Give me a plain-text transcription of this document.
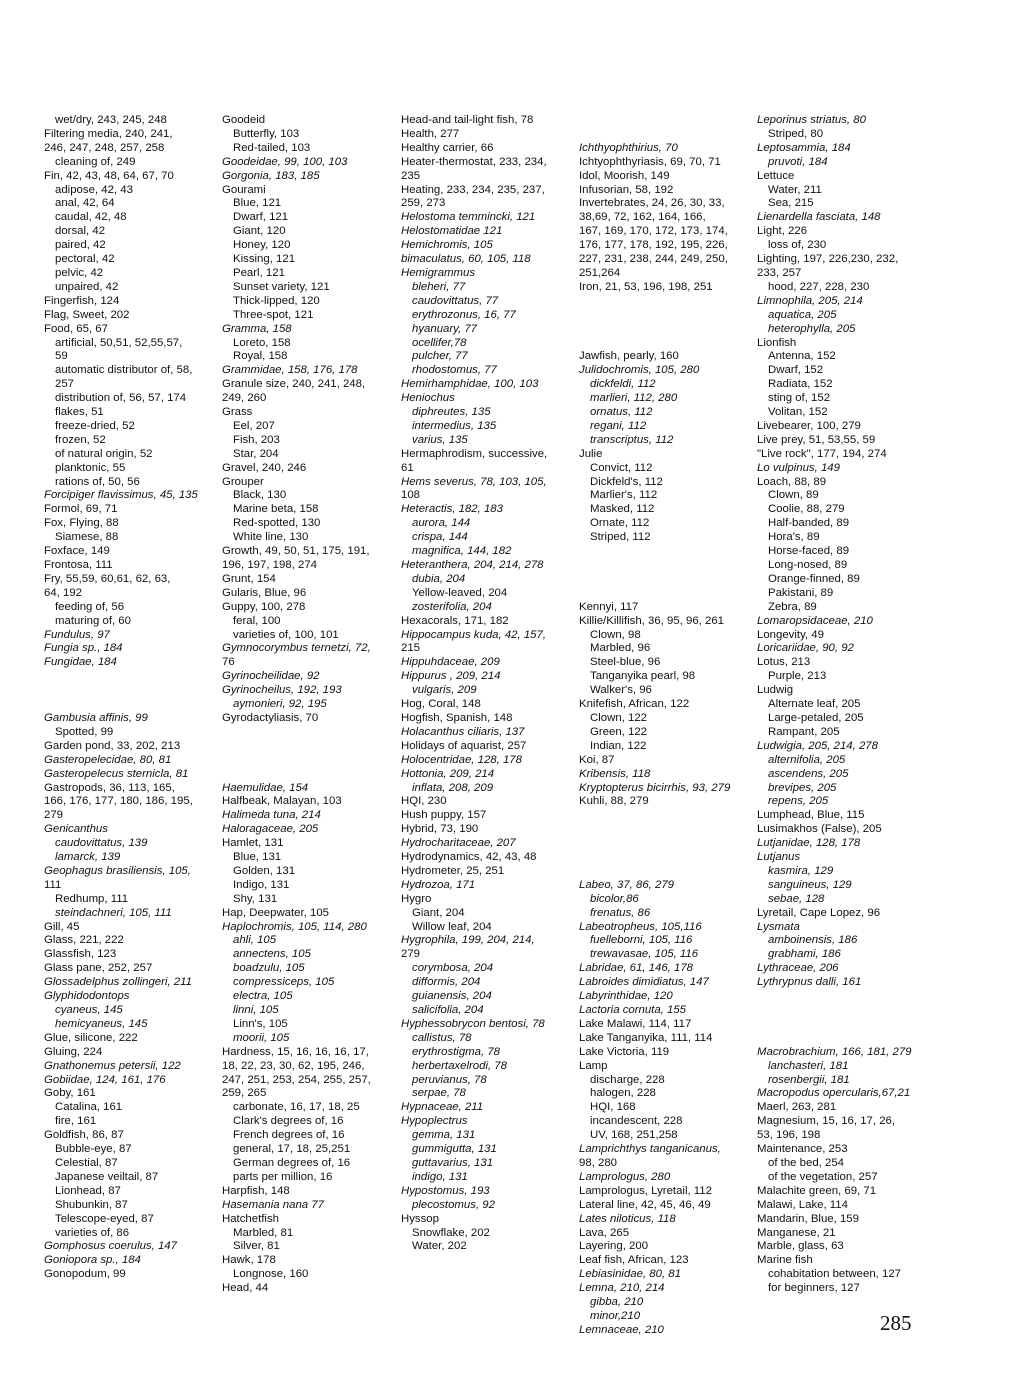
wet/dry, 243, 245, 248
Filtering media, 240, 241,
246, 247, 248, 257, 258
cleaning of, 249
Fin, 42, 43, 48, 64, 67, 70
adipose, 42, 43
anal, 42, 64
caudal, 42, 48
dorsal, 42
paired, 42
pectoral, 42
pelvic, 42
unpaired, 42
Fingerfish, 124
Flag, Sweet, 202
Food, 65, 67
artificial, 50,51, 52,55,57,
59
automatic distributor of, 58,
257
distribution of, 56, 57, 174
flakes, 51
freeze-dried, 52
frozen, 52
of natural origin, 52
planktonic, 55
rations of, 50, 56
Forcipiger flavissimus, 45, 135
Formol, 69, 71
Fox, Flying, 88
Siamese, 88
Foxface, 149
Frontosa, 111
Fry, 55,59, 60,61, 62, 63,
64, 192
feeding of, 56
maturing of, 60
Fundulus, 97
Fungia sp., 184
Fungidae, 184
Gambusia affinis, 99
Spotted, 99
Garden pond, 33, 202, 213
Gasteropelecidae, 80, 81
Gasteropelecus sternicla, 81
Gastropods, 36, 113, 165,
166, 176, 177, 180, 186, 195,
279
Genicanthus
caudovittatus, 139
lamarck, 139
Geophagus brasiliensis, 105,
111
Redhump, 111
steindachneri, 105, 111
Gill, 45
Glass, 221, 222
Glassfish, 123
Glass pane, 252, 257
Glossadelphus zollingeri, 211
Glyphidodontops
cyaneus, 145
hemicyaneus, 145
Glue, silicone, 222
Gluing, 224
Gnathonemus petersii, 122
Gobiidae, 124, 161, 176
Goby, 161
Catalina, 161
fire, 161
Goldfish, 86, 87
Bubble-eye, 87
Celestial, 87
Japanese veiltail, 87
Lionhead, 87
Shubunkin, 87
Telescope-eyed, 87
varieties of, 86
Gomphosus coerulus, 147
Goniopora sp., 184
Gonopodum, 99
Goodeid
Butterfly, 103
Red-tailed, 103
Goodeidae, 99, 100, 103
Gorgonia, 183, 185
Gourami
Blue, 121
Dwarf, 121
Giant, 120
Honey, 120
Kissing, 121
Pearl, 121
Sunset variety, 121
Thick-lipped, 120
Three-spot, 121
Gramma, 158
Loreto, 158
Royal, 158
Grammidae, 158, 176, 178
Granule size, 240, 241, 248,
249, 260
Grass
Eel, 207
Fish, 203
Star, 204
Gravel, 240, 246
Grouper
Black, 130
Marine beta, 158
Red-spotted, 130
White line, 130
Growth, 49, 50, 51, 175, 191,
196, 197, 198, 274
Grunt, 154
Gularis, Blue, 96
Guppy, 100, 278
feral, 100
varieties of, 100, 101
Gymnocorymbus ternetzi, 72,
76
Gyrinocheilidae, 92
Gyrinocheilus, 192, 193
aymonieri, 92, 195
Gyrodactyliasis, 70
Haemulidae, 154
Halfbeak, Malayan, 103
Halimeda tuna, 214
Haloragaceae, 205
Hamlet, 131
Blue, 131
Golden, 131
Indigo, 131
Shy, 131
Hap, Deepwater, 105
Haplochromis, 105, 114, 280
ahli, 105
annectens, 105
boadzulu, 105
compressiceps, 105
electra, 105
linni, 105
Linn's, 105
moorii, 105
Hardness, 15, 16, 16, 16, 17,
18, 22, 23, 30, 62, 195, 246,
247, 251, 253, 254, 255, 257,
259, 265
carbonate, 16, 17, 18, 25
Clark's degrees of, 16
French degrees of, 16
general, 17, 18, 25,251
German degrees of, 16
parts per million, 16
Harpfish, 148
Hasemania nana 77
Hatchetfish
Marbled, 81
Silver, 81
Hawk, 178
Longnose, 160
Head, 44
Head-and tail-light fish, 78
Health, 277
Healthy carrier, 66
Heater-thermostat, 233, 234,
235
Heating, 233, 234, 235, 237,
259, 273
Helostoma temmincki, 121
Helostomatidae 121
Hemichromis, 105
bimaculatus, 60, 105, 118
Hemigrammus
bleheri, 77
caudovittatus, 77
erythrozonus, 16, 77
hyanuary, 77
ocellifer,78
pulcher, 77
rhodostomus, 77
Hemirhamphidae, 100, 103
Heniochus
diphreutes, 135
intermedius, 135
varius, 135
Hermaphrodism, successive,
61
Hems severus, 78, 103, 105,
108
Heteractis, 182, 183
aurora, 144
crispa, 144
magnifica, 144, 182
Heteranthera, 204, 214, 278
dubia, 204
Yellow-leaved, 204
zosterifolia, 204
Hexacorals, 171, 182
Hippocampus kuda, 42, 157,
215
Hippuhdaceae, 209
Hippurus , 209, 214
vulgaris, 209
Hog, Coral, 148
Hogfish, Spanish, 148
Holacanthus ciliaris, 137
Holidays of aquarist, 257
Holocentridae, 128, 178
Hottonia, 209, 214
inflata, 208, 209
HQI, 230
Hush puppy, 157
Hybrid, 73, 190
Hydrocharitaceae, 207
Hydrodynamics, 42, 43, 48
Hydrometer, 25, 251
Hydrozoa, 171
Hygro
Giant, 204
Willow leaf, 204
Hygrophila, 199, 204, 214,
279
corymbosa, 204
difformis, 204
guianensis, 204
salicifolia, 204
Hyphessobrycon bentosi, 78
callistus, 78
erythrostigma, 78
herbertaxelrodi, 78
peruvianus, 78
serpae, 78
Hypnaceae, 211
Hypoplectrus
gemma, 131
gummigutta, 131
guttavarius, 131
indigo, 131
Hypostomus, 193
plecostomus, 92
Hyssop
Snowflake, 202
Water, 202
Ichthyophthirius, 70
Ichtyophthyriasis, 69, 70, 71
Idol, Moorish, 149
Infusorian, 58, 192
Invertebrates, 24, 26, 30, 33,
38,69, 72, 162, 164, 166,
167, 169, 170, 172, 173, 174,
176, 177, 178, 192, 195, 226,
227, 231, 238, 244, 249, 250,
251,264
Iron, 21, 53, 196, 198, 251
Jawfish, pearly, 160
Julidochromis, 105, 280
dickfeldi, 112
marlieri, 112, 280
ornatus, 112
regani, 112
transcriptus, 112
Julie
Convict, 112
Dickfeld's, 112
Marlier's, 112
Masked, 112
Ornate, 112
Striped, 112
Kennyi, 117
Killie/Killifish, 36, 95, 96, 261
Clown, 98
Marbled, 96
Steel-blue, 96
Tanganyika pearl, 98
Walker's, 96
Knifefish, African, 122
Clown, 122
Green, 122
Indian, 122
Koi, 87
Kribensis, 118
Kryptopterus bicirrhis, 93, 279
Kuhli, 88, 279
Labeo, 37, 86, 279
bicolor,86
frenatus, 86
Labeotropheus, 105,116
fuelleborni, 105, 116
trewavasae, 105, 116
Labridae, 61, 146, 178
Labroides dimidiatus, 147
Labyrinthidae, 120
Lactoria cornuta, 155
Lake Malawi, 114, 117
Lake Tanganyika, 111, 114
Lake Victoria, 119
Lamp
discharge, 228
halogen, 228
HQI, 168
incandescent, 228
UV, 168, 251,258
Lamprichthys tanganicanus,
98, 280
Lamprologus, 280
Lamprologus, Lyretail, 112
Lateral line, 42, 45, 46, 49
Lates niloticus, 118
Lava, 265
Layering, 200
Leaf fish, African, 123
Lebiasinidae, 80, 81
Lemna, 210, 214
gibba, 210
minor,210
Lemnaceae, 210
Leporinus striatus, 80
Striped, 80
Leptosammia, 184
pruvoti, 184
Lettuce
Water, 211
Sea, 215
Lienardella fasciata, 148
Light, 226
loss of, 230
Lighting, 197, 226,230, 232,
233, 257
hood, 227, 228, 230
Limnophila, 205, 214
aquatica, 205
heterophylla, 205
Lionfish
Antenna, 152
Dwarf, 152
Radiata, 152
sting of, 152
Volitan, 152
Livebearer, 100, 279
Live prey, 51, 53,55, 59
"Live rock", 177, 194, 274
Lo vulpinus, 149
Loach, 88, 89
Clown, 89
Coolie, 88, 279
Half-banded, 89
Hora's, 89
Horse-faced, 89
Long-nosed, 89
Orange-finned, 89
Pakistani, 89
Zebra, 89
Lomaropsidaceae, 210
Longevity, 49
Loricariidae, 90, 92
Lotus, 213
Purple, 213
Ludwig
Alternate leaf, 205
Large-petaled, 205
Rampant, 205
Ludwigia, 205, 214, 278
alternifolia, 205
ascendens, 205
brevipes, 205
repens, 205
Lumphead, Blue, 115
Lusimakhos (False), 205
Lutjanidae, 128, 178
Lutjanus
kasmira, 129
sanguineus, 129
sebae, 128
Lyretail, Cape Lopez, 96
Lysmata
amboinensis, 186
grabhami, 186
Lythraceae, 206
Lythrypnus dalli, 161
Macrobrachium, 166, 181, 279
lanchasteri, 181
rosenbergii, 181
Macropodus opercularis,67,21
Maerl, 263, 281
Magnesium, 15, 16, 17, 26,
53, 196, 198
Maintenance, 253
of the bed, 254
of the vegetation, 257
Malachite green, 69, 71
Malawi, Lake, 114
Mandarin, Blue, 159
Manganese, 21
Marble, glass, 63
Marine fish
cohabitation between, 127
for beginners, 127
285
